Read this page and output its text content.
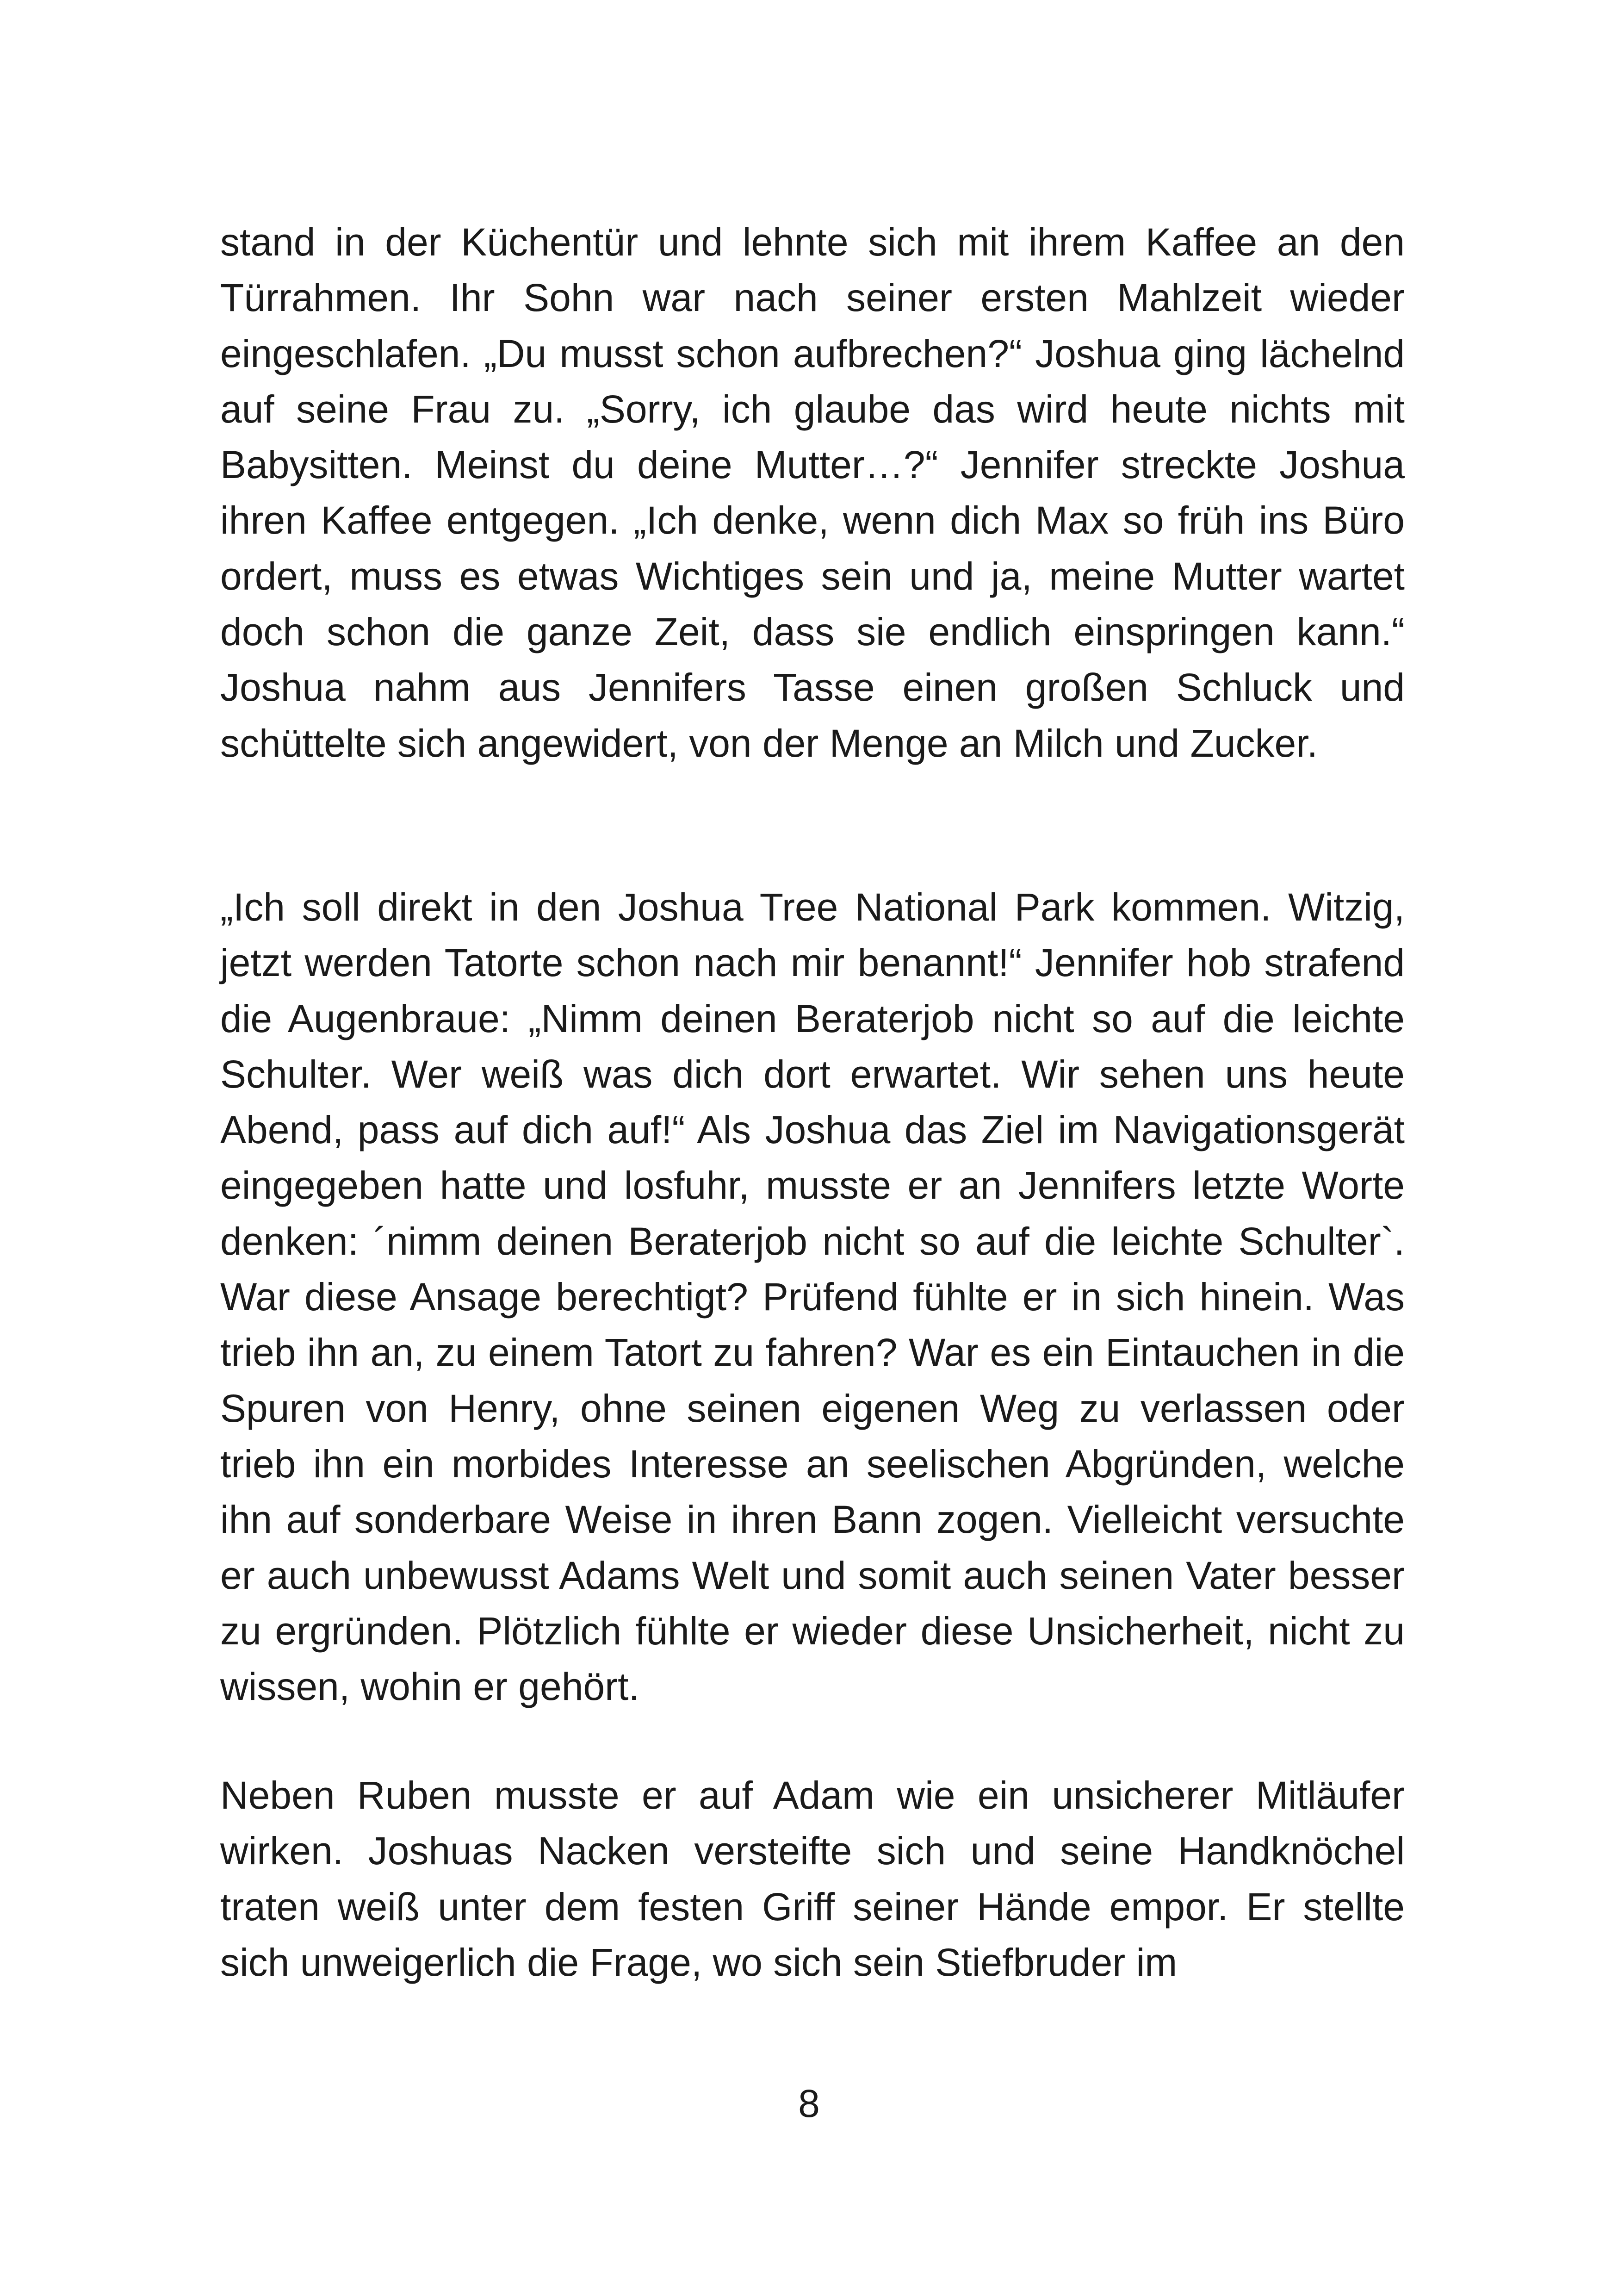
stand in der Küchentür und lehnte sich mit ihrem Kaffee an den Türrahmen. Ihr Sohn war nach seiner ersten Mahlzeit wieder eingeschlafen. „Du musst schon aufbrechen?“ Joshua ging lächelnd auf seine Frau zu. „Sorry, ich glaube das wird heute nichts mit Babysitten. Meinst du deine Mutter…?“ Jennifer streckte Joshua ihren Kaffee entgegen. „Ich denke, wenn dich Max so früh ins Büro ordert, muss es etwas Wichtiges sein und ja, meine Mutter wartet doch schon die ganze Zeit, dass sie endlich einspringen kann.“ Joshua nahm aus Jennifers Tasse einen großen Schluck und schüttelte sich angewidert, von der Menge an Milch und Zucker.

„Ich soll direkt in den Joshua Tree National Park kommen. Witzig, jetzt werden Tatorte schon nach mir benannt!“ Jennifer hob strafend die Augenbraue: „Nimm deinen Beraterjob nicht so auf die leichte Schulter. Wer weiß was dich dort erwartet. Wir sehen uns heute Abend, pass auf dich auf!“ Als Joshua das Ziel im Navigationsgerät eingegeben hatte und losfuhr, musste er an Jennifers letzte Worte denken: ´nimm deinen Beraterjob nicht so auf die leichte Schulter`. War diese Ansage berechtigt? Prüfend fühlte er in sich hinein. Was trieb ihn an, zu einem Tatort zu fahren? War es ein Eintauchen in die Spuren von Henry, ohne seinen eigenen Weg zu verlassen oder trieb ihn ein morbides Interesse an seelischen Abgründen, welche ihn auf sonderbare Weise in ihren Bann zogen. Vielleicht versuchte er auch unbewusst Adams Welt und somit auch seinen Vater besser zu ergründen. Plötzlich fühlte er wieder diese Unsicherheit, nicht zu wissen, wohin er gehört.

Neben Ruben musste er auf Adam wie ein unsicherer Mitläufer wirken. Joshuas Nacken versteifte sich und seine Handknöchel traten weiß unter dem festen Griff seiner Hände empor. Er stellte sich unweigerlich die Frage, wo sich sein Stiefbruder im

8
